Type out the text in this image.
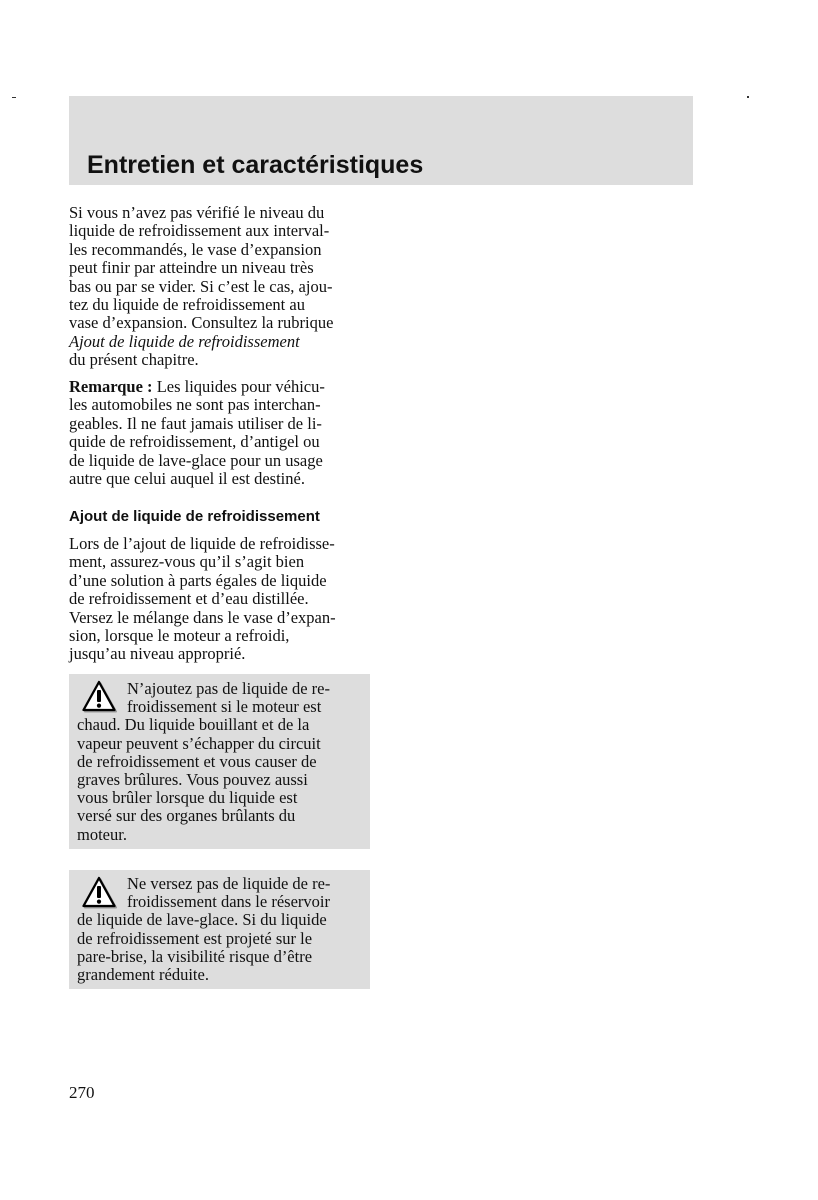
Entretien et caractéristiques
Si vous n’avez pas vérifié le niveau du
liquide de refroidissement aux interval-
les recommandés, le vase d’expansion
peut finir par atteindre un niveau très
bas ou par se vider. Si c’est le cas, ajou-
tez du liquide de refroidissement au
vase d’expansion. Consultez la rubrique
Ajout de liquide de refroidissement
du présent chapitre.
Remarque : Les liquides pour véhicu-
les automobiles ne sont pas interchan-
geables. Il ne faut jamais utiliser de li-
quide de refroidissement, d’antigel ou
de liquide de lave-glace pour un usage
autre que celui auquel il est destiné.
Ajout de liquide de refroidissement
Lors de l’ajout de liquide de refroidisse-
ment, assurez-vous qu’il s’agit bien
d’une solution à parts égales de liquide
de refroidissement et d’eau distillée.
Versez le mélange dans le vase d’expan-
sion, lorsque le moteur a refroidi,
jusqu’au niveau approprié.
N’ajoutez pas de liquide de re-
froidissement si le moteur est
chaud. Du liquide bouillant et de la
vapeur peuvent s’échapper du circuit
de refroidissement et vous causer de
graves brûlures. Vous pouvez aussi
vous brûler lorsque du liquide est
versé sur des organes brûlants du
moteur.
Ne versez pas de liquide de re-
froidissement dans le réservoir
de liquide de lave-glace. Si du liquide
de refroidissement est projeté sur le
pare-brise, la visibilité risque d’être
grandement réduite.
270
